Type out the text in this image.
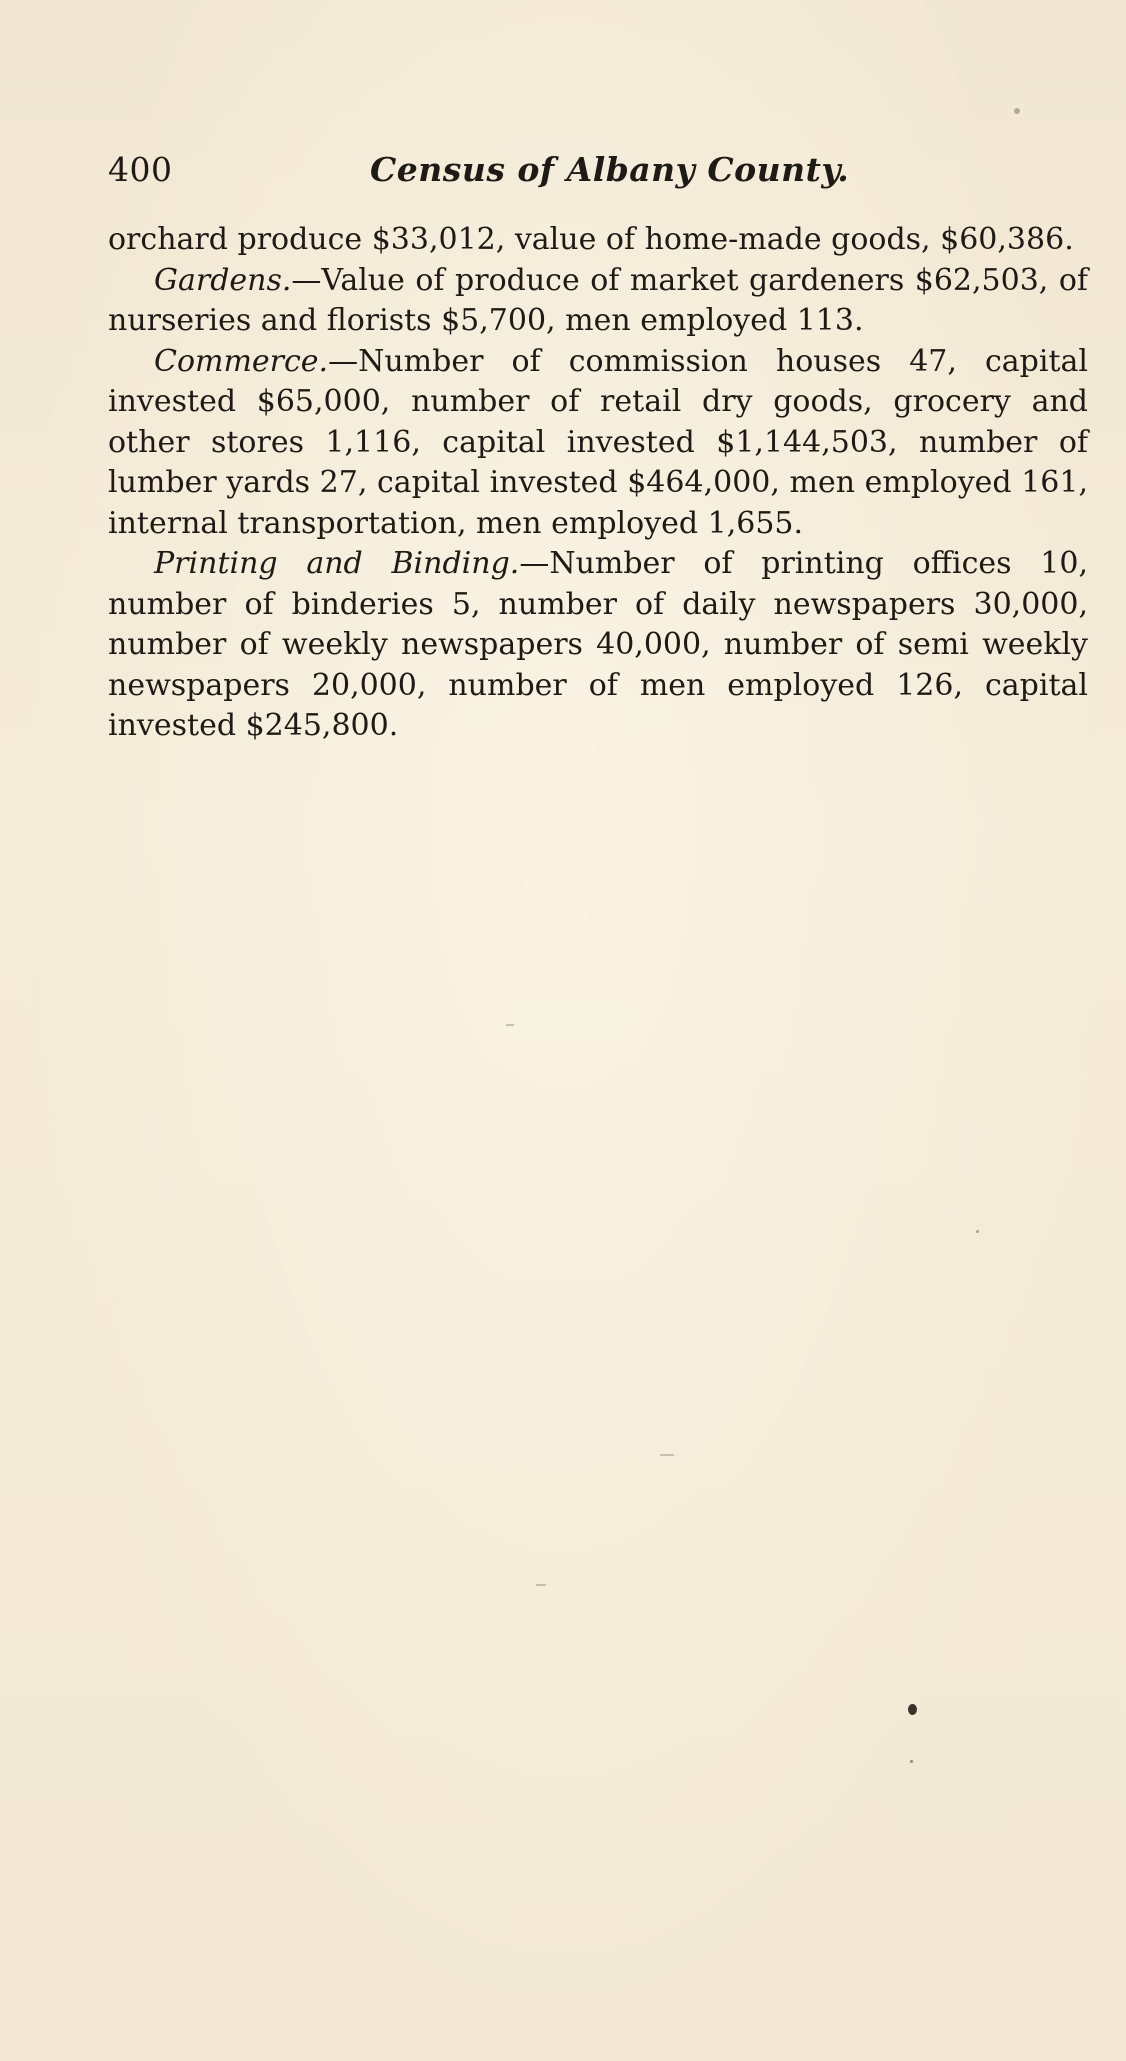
400	Census of Albany County.

orchard produce $33,012, value of home-made goods, $60,386.

Gardens.—Value of produce of market gardeners $62,503, of nurseries and florists $5,700, men employed 113.

Commerce.—Number of commission houses 47, capital invested $65,000, number of retail dry goods, grocery and other stores 1,116, capital invested $1,144,503, number of lumber yards 27, capital invested $464,000, men employed 161, internal transportation, men employed 1,655.

Printing and Binding.—Number of printing offices 10, number of binderies 5, number of daily newspapers 30,000, number of weekly newspapers 40,000, number of semi weekly newspapers 20,000, number of men employed 126, capital invested $245,800.
